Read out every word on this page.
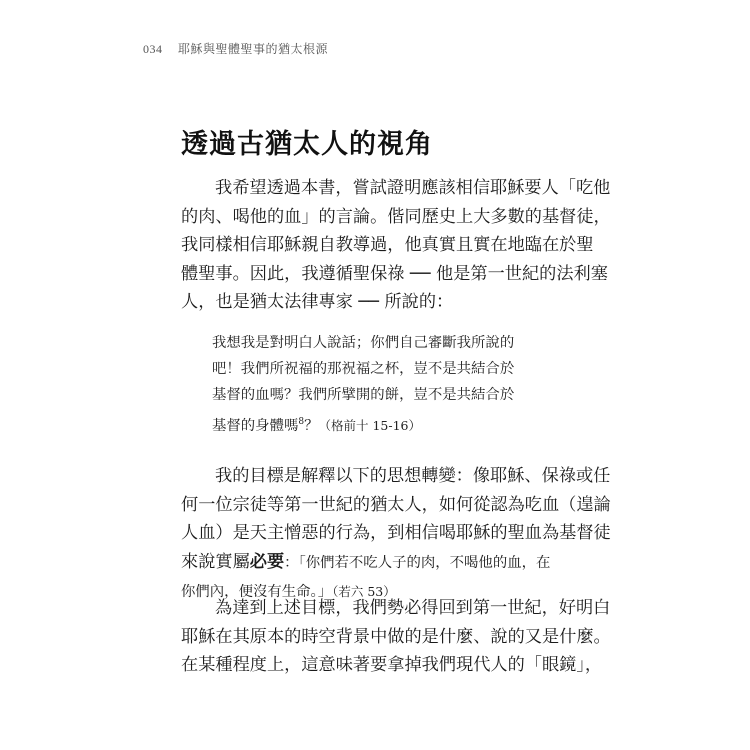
034 耶穌與聖體聖事的猶太根源
透過古猶太人的視角

我希望透過本書，嘗試證明應該相信耶穌要人「吃他
的肉、喝他的血」的言論。偕同歷史上大多數的基督徒，
我同樣相信耶穌親自教導過，他真實且實在地臨在於聖
體聖事。因此，我遵循聖保祿 ── 他是第一世紀的法利塞
人，也是猶太法律專家 ── 所說的：

我想我是對明白人說話；你們自己審斷我所說的
吧！我們所祝福的那祝福之杯，豈不是共結合於
基督的血嗎？我們所擘開的餅，豈不是共結合於
基督的身體嗎$^8$？（格前十 15-16）

我的目標是解釋以下的思想轉變：像耶穌、保祿或任
何一位宗徒等第一世紀的猶太人，如何從認為吃血（遑論
人血）是天主憎惡的行為，到相信喝耶穌的聖血為基督徒
來說實屬必要：「你們若不吃人子的肉，不喝他的血，在
你們內，便沒有生命。」（若六 53）

為達到上述目標，我們勢必得回到第一世紀，好明白
耶穌在其原本的時空背景中做的是什麼、說的又是什麼。
在某種程度上，這意味著要拿掉我們現代人的「眼鏡」，
